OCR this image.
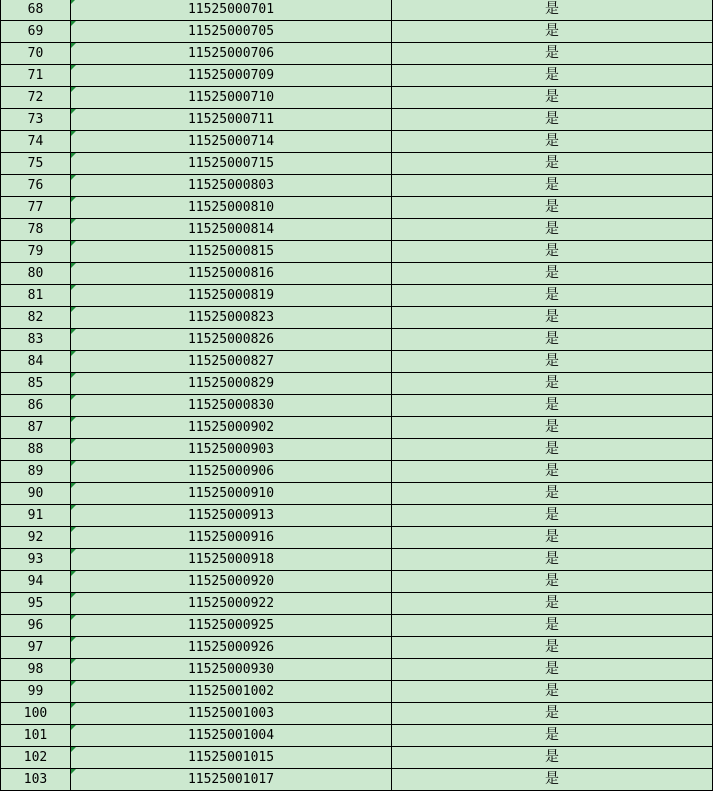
68	11525000701	是
69	11525000705	是
70	11525000706	是
71	11525000709	是
72	11525000710	是
73	11525000711	是
74	11525000714	是
75	11525000715	是
76	11525000803	是
77	11525000810	是
78	11525000814	是
79	11525000815	是
80	11525000816	是
81	11525000819	是
82	11525000823	是
83	11525000826	是
84	11525000827	是
85	11525000829	是
86	11525000830	是
87	11525000902	是
88	11525000903	是
89	11525000906	是
90	11525000910	是
91	11525000913	是
92	11525000916	是
93	11525000918	是
94	11525000920	是
95	11525000922	是
96	11525000925	是
97	11525000926	是
98	11525000930	是
99	11525001002	是
100	11525001003	是
101	11525001004	是
102	11525001015	是
103	11525001017	是
